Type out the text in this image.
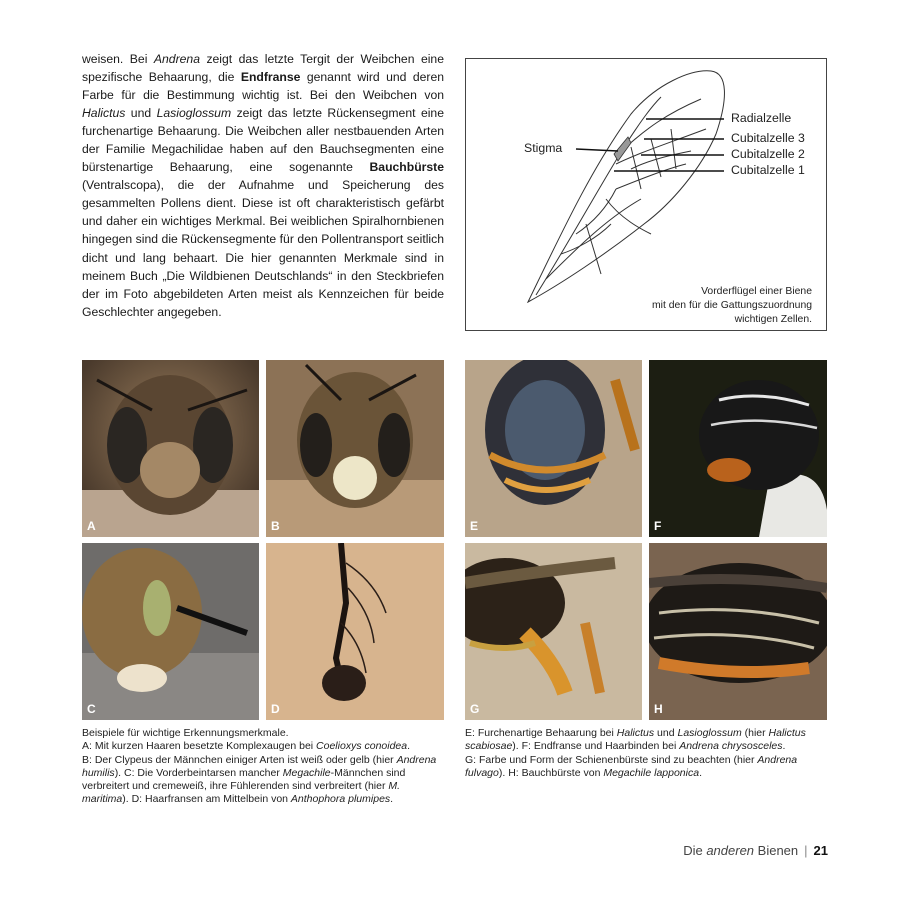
weisen. Bei Andrena zeigt das letzte Tergit der Weibchen eine spezifische Behaarung, die Endfranse genannt wird und deren Farbe für die Bestimmung wichtig ist. Bei den Weibchen von Halictus und Lasioglossum zeigt das letzte Rückensegment eine furchenartige Behaarung. Die Weibchen aller nestbauenden Arten der Familie Megachilidae haben auf den Bauchsegmenten eine bürstenartige Behaarung, eine sogenannte Bauchbürste (Ventralscopa), die der Aufnahme und Speicherung des gesammelten Pollens dient. Diese ist oft charakteristisch gefärbt und daher ein wichtiges Merkmal. Bei weiblichen Spiralhornbienen hingegen sind die Rückensegmente für den Pollentransport seitlich dicht und lang behaart. Die hier genannten Merkmale sind in meinem Buch „Die Wildbienen Deutschlands“ in den Steckbriefen der im Foto abgebildeten Arten meist als Kennzeichen für beide Geschlechter angegeben.
Stigma
Radialzelle
Cubitalzelle 3
Cubitalzelle 2
Cubitalzelle 1
Vorderflügel einer Biene
mit den für die Gattungszuordnung
wichtigen Zellen.
A	B	E	F
C	D	G	H
Beispiele für wichtige Erkennungsmerkmale.
A: Mit kurzen Haaren besetzte Komplexaugen bei Coelioxys conoidea.
B: Der Clypeus der Männchen einiger Arten ist weiß oder gelb (hier Andrena humilis). C: Die Vorderbeintarsen mancher Megachile-Männchen sind verbreitert und cremeweiß, ihre Fühlerenden sind verbreitert (hier M. maritima). D: Haarfransen am Mittelbein von Anthophora plumipes.
E: Furchenartige Behaarung bei Halictus und Lasioglossum (hier Halictus scabiosae). F: Endfranse und Haarbinden bei Andrena chrysosceles.
G: Farbe und Form der Schienenbürste sind zu beachten (hier Andrena fulvago). H: Bauchbürste von Megachile lapponica.
Die anderen Bienen | 21
